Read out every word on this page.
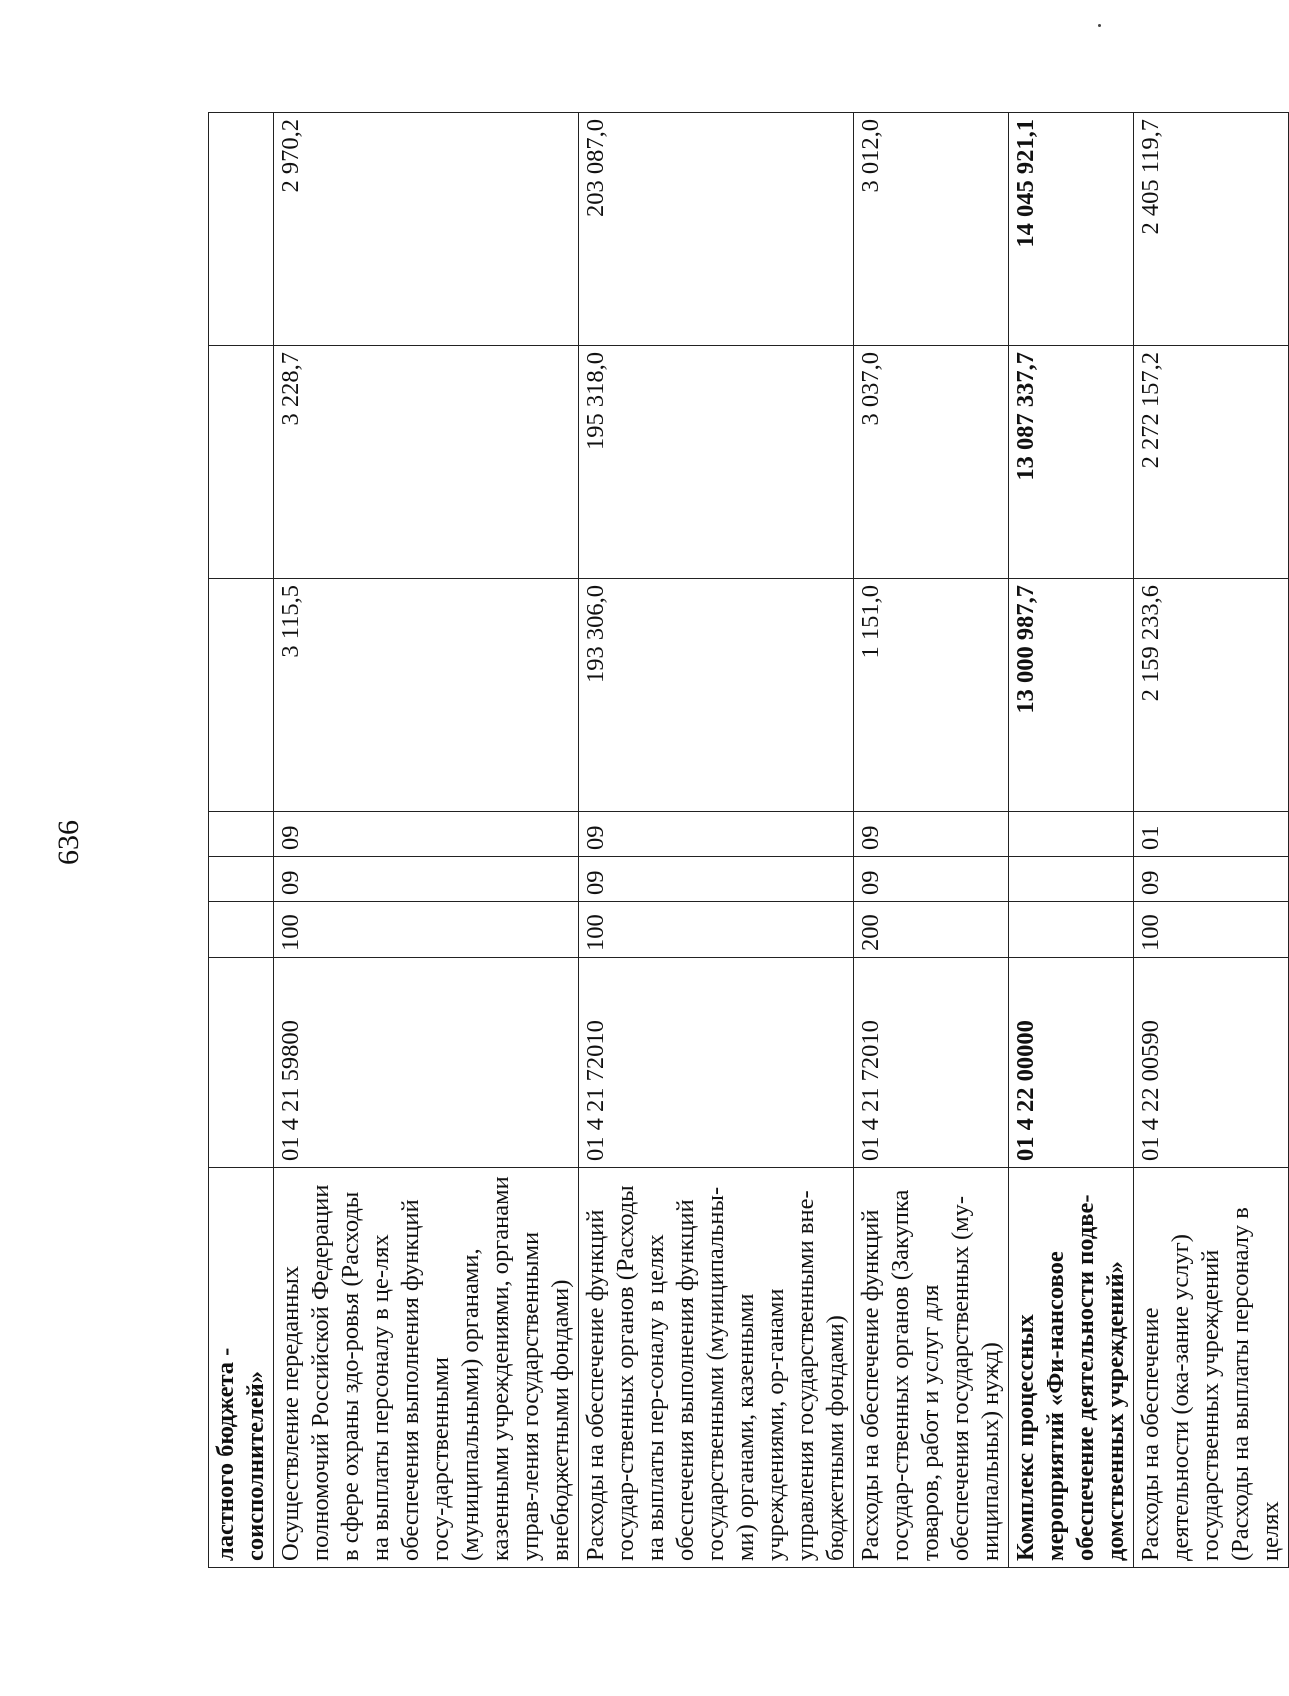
636
ластного бюджета - соисполнителей»							
Осуществление переданных полномочий Российской Федерации в сфере охраны здо-ровья (Расходы на выплаты персоналу в це-лях обеспечения выполнения функций госу-дарственными (муниципальными) органами, казенными учреждениями, органами управ-ления государственными внебюджетными фондами)	01 4 21 59800	100	09	09	3 115,5	3 228,7	2 970,2
Расходы на обеспечение функций государ-ственных органов (Расходы на выплаты пер-соналу в целях обеспечения выполнения функций государственными (муниципальны-ми) органами, казенными учреждениями, ор-ганами управления государственными вне-бюджетными фондами)	01 4 21 72010	100	09	09	193 306,0	195 318,0	203 087,0
Расходы на обеспечение функций государ-ственных органов (Закупка товаров, работ и услуг для обеспечения государственных (му-ниципальных) нужд)	01 4 21 72010	200	09	09	1 151,0	3 037,0	3 012,0
Комплекс процессных мероприятий «Фи-нансовое обеспечение деятельности подве-домственных учреждений»	01 4 22 00000				13 000 987,7	13 087 337,7	14 045 921,1
Расходы на обеспечение деятельности (ока-зание услуг) государственных учреждений (Расходы на выплаты персоналу в целях	01 4 22 00590	100	09	01	2 159 233,6	2 272 157,2	2 405 119,7
